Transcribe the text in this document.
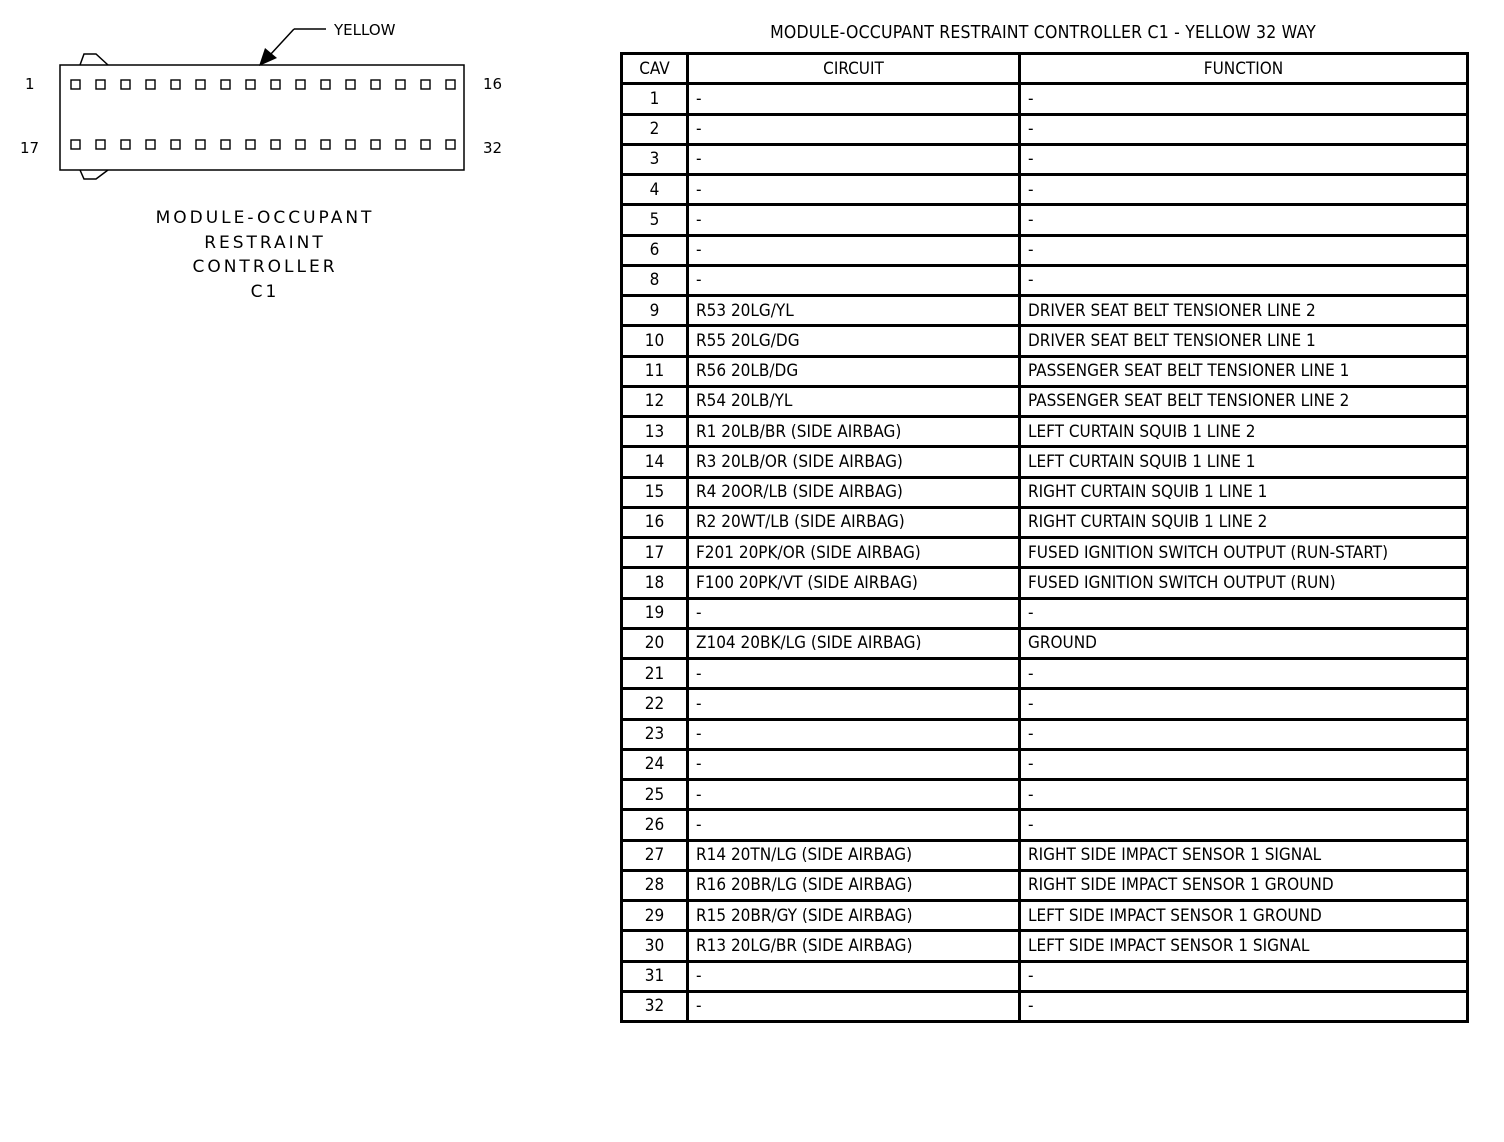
YELLOW
1	16
17	32
MODULE-OCCUPANT
RESTRAINT
CONTROLLER
C1
MODULE-OCCUPANT RESTRAINT CONTROLLER C1 - YELLOW 32 WAY
CAV	CIRCUIT	FUNCTION
1	-	-
2	-	-
3	-	-
4	-	-
5	-	-
6	-	-
8	-	-
9	R53 20LG/YL	DRIVER SEAT BELT TENSIONER LINE 2
10	R55 20LG/DG	DRIVER SEAT BELT TENSIONER LINE 1
11	R56 20LB/DG	PASSENGER SEAT BELT TENSIONER LINE 1
12	R54 20LB/YL	PASSENGER SEAT BELT TENSIONER LINE 2
13	R1 20LB/BR (SIDE AIRBAG)	LEFT CURTAIN SQUIB 1 LINE 2
14	R3 20LB/OR (SIDE AIRBAG)	LEFT CURTAIN SQUIB 1 LINE 1
15	R4 20OR/LB (SIDE AIRBAG)	RIGHT CURTAIN SQUIB 1 LINE 1
16	R2 20WT/LB (SIDE AIRBAG)	RIGHT CURTAIN SQUIB 1 LINE 2
17	F201 20PK/OR (SIDE AIRBAG)	FUSED IGNITION SWITCH OUTPUT (RUN-START)
18	F100 20PK/VT (SIDE AIRBAG)	FUSED IGNITION SWITCH OUTPUT (RUN)
19	-	-
20	Z104 20BK/LG (SIDE AIRBAG)	GROUND
21	-	-
22	-	-
23	-	-
24	-	-
25	-	-
26	-	-
27	R14 20TN/LG (SIDE AIRBAG)	RIGHT SIDE IMPACT SENSOR 1 SIGNAL
28	R16 20BR/LG (SIDE AIRBAG)	RIGHT SIDE IMPACT SENSOR 1 GROUND
29	R15 20BR/GY (SIDE AIRBAG)	LEFT SIDE IMPACT SENSOR 1 GROUND
30	R13 20LG/BR (SIDE AIRBAG)	LEFT SIDE IMPACT SENSOR 1 SIGNAL
31	-	-
32	-	-
